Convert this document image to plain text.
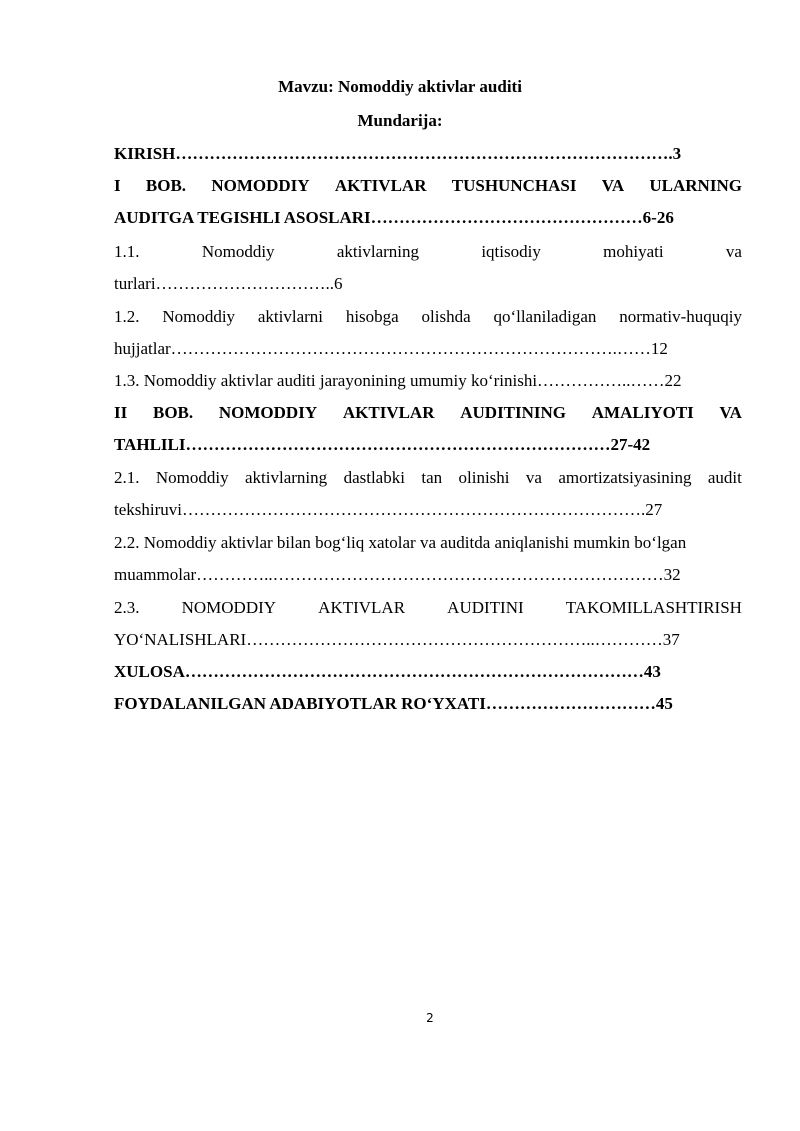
Mavzu: Nomoddiy aktivlar auditi
Mundarija:
KIRISH…………………………………………………………………………….3
I BOB. NOMODDIY AKTIVLAR TUSHUNCHASI VA ULARNING
AUDITGA TEGISHLI ASOSLARI…………………………………………6-26
1.1.	Nomoddiy	aktivlarning	iqtisodiy	mohiyati	va
turlari…………………………..6
1.2. Nomoddiy aktivlarni hisobga olishda qo‘llaniladigan normativ-huquqiy
hujjatlar…………………………………………………………………….……12
1.3. Nomoddiy aktivlar auditi jarayonining umumiy ko‘rinishi……………..……22
II BOB. NOMODDIY AKTIVLAR AUDITINING AMALIYOTI VA
TAHLILI…………………………………………………………………27-42
2.1. Nomoddiy aktivlarning dastlabki tan olinishi va amortizatsiyasining audit
tekshiruvi……………………………………………………………………….27
2.2. Nomoddiy aktivlar bilan bog‘liq xatolar va auditda aniqlanishi mumkin bo‘lgan
muammolar…………..……………………………………………………………32
2.3. NOMODDIY AKTIVLAR AUDITINI TAKOMILLASHTIRISH
YO‘NALISHLARI……………………………………………………..…………37
XULOSA………………………………………………………………………43
FOYDALANILGAN ADABIYOTLAR RO‘YXATI…………………………45
2
